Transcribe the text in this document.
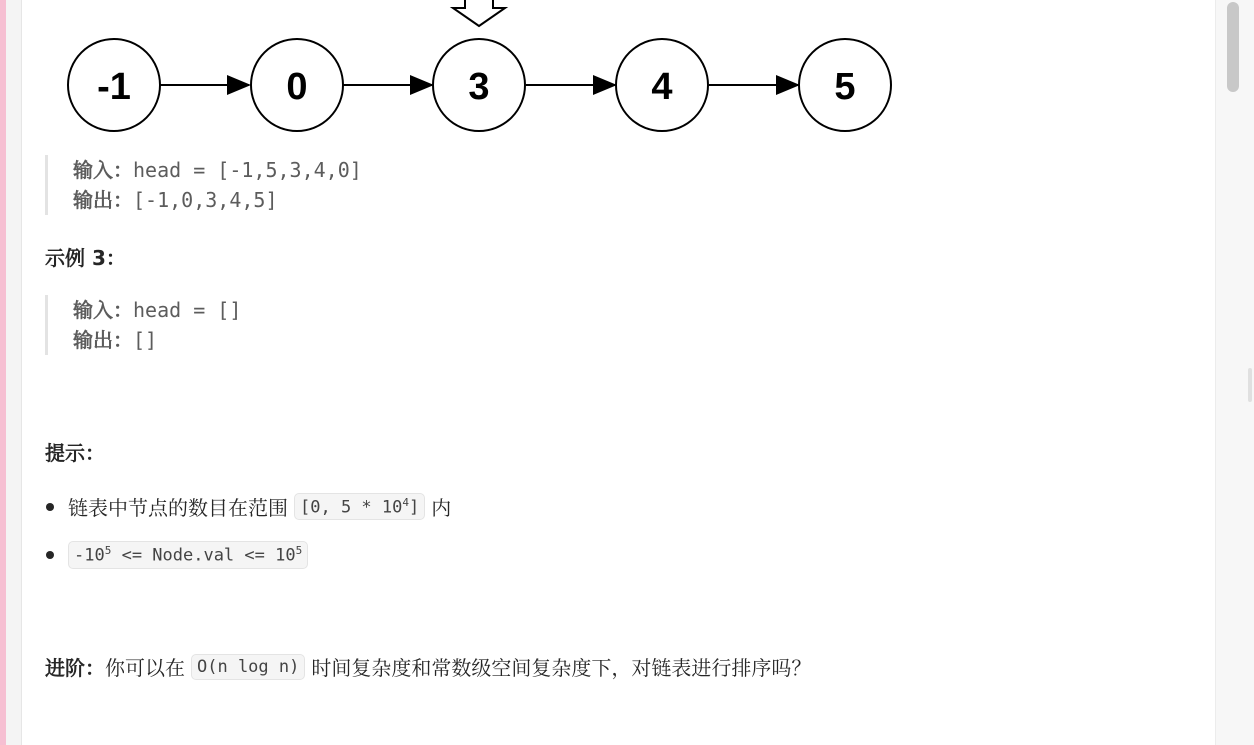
-1	0	3	4	5
输入：head = [-1,5,3,4,0]
输出：[-1,0,3,4,5]
示例 3：
输入：head = []
输出：[]
提示：
链表中节点的数目在范围 [0, $5 * 10^4$] 内
$-10^5$ <= Node.val <= $10^5$
进阶： 你可以在 O(n log n) 时间复杂度和常数级空间复杂度下，对链表进行排序吗？
